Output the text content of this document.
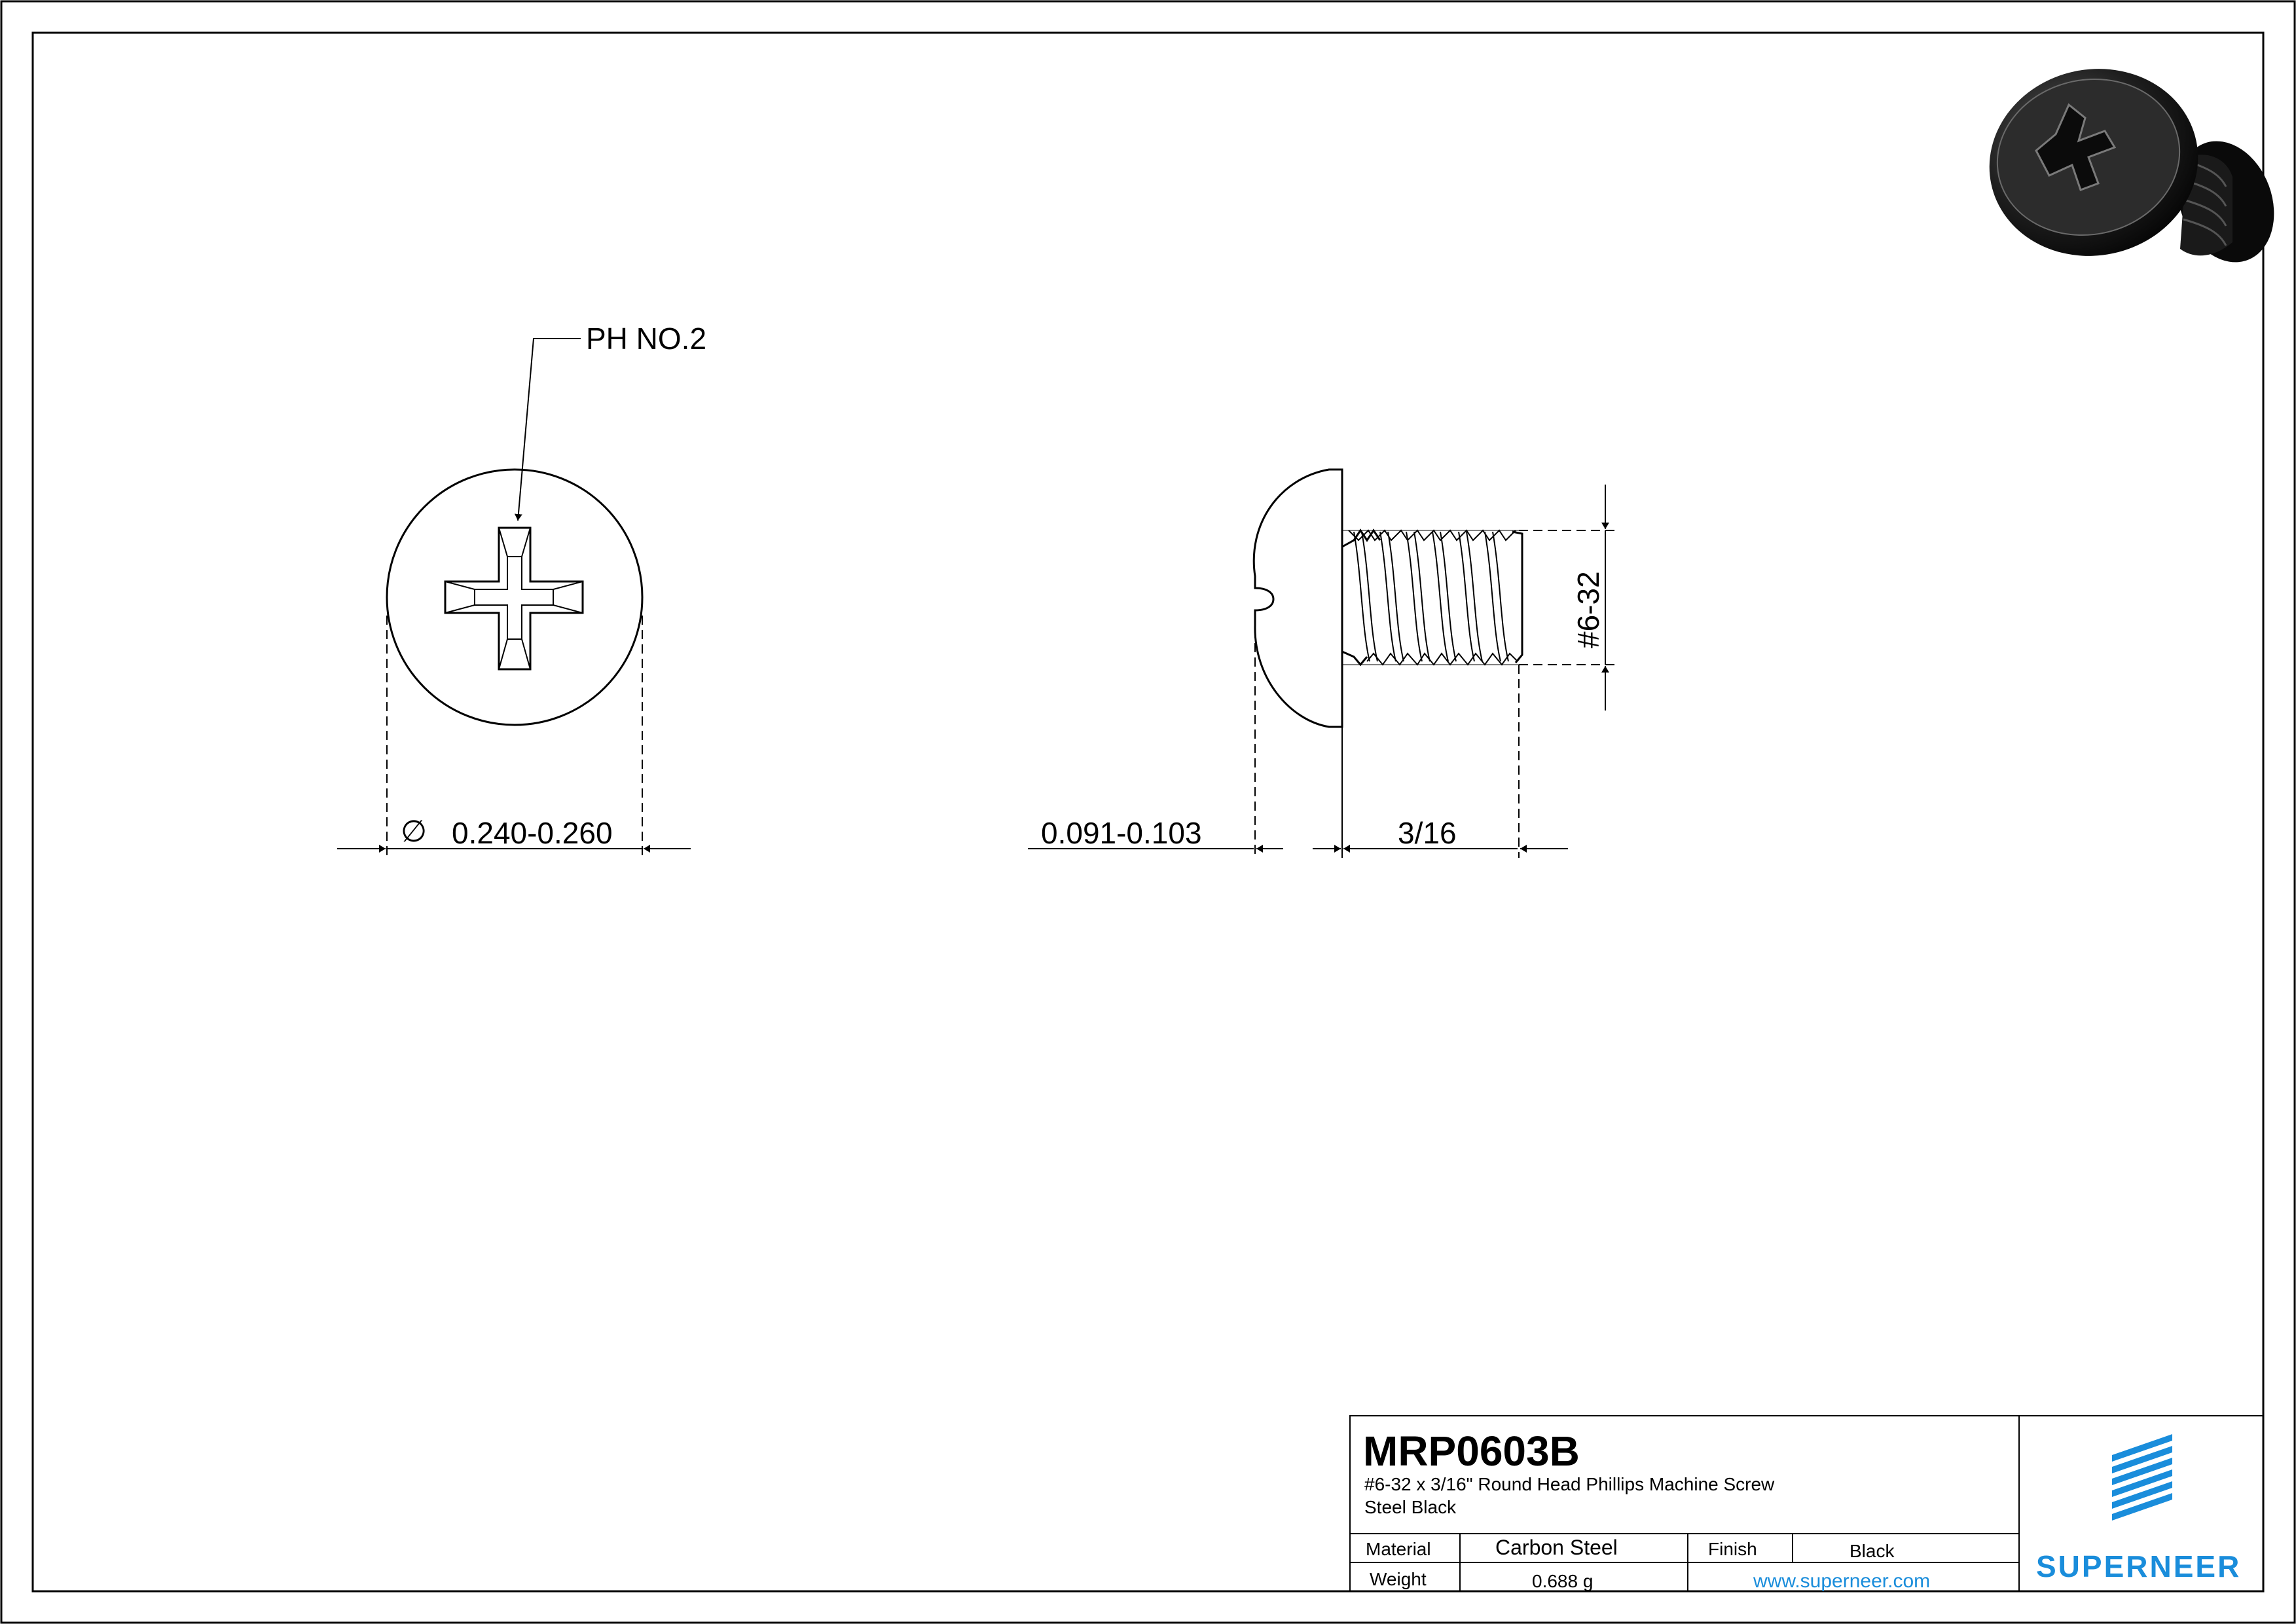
PH NO.2
∅ 0.240-0.260	0.091-0.103	3/16
#6-32
MRP0603B
#6-32 x 3/16" Round Head Phillips Machine Screw
Steel Black
Material	Carbon Steel	Finish	Black
Weight	0.688 g	www.superneer.com	SUPERNEER
